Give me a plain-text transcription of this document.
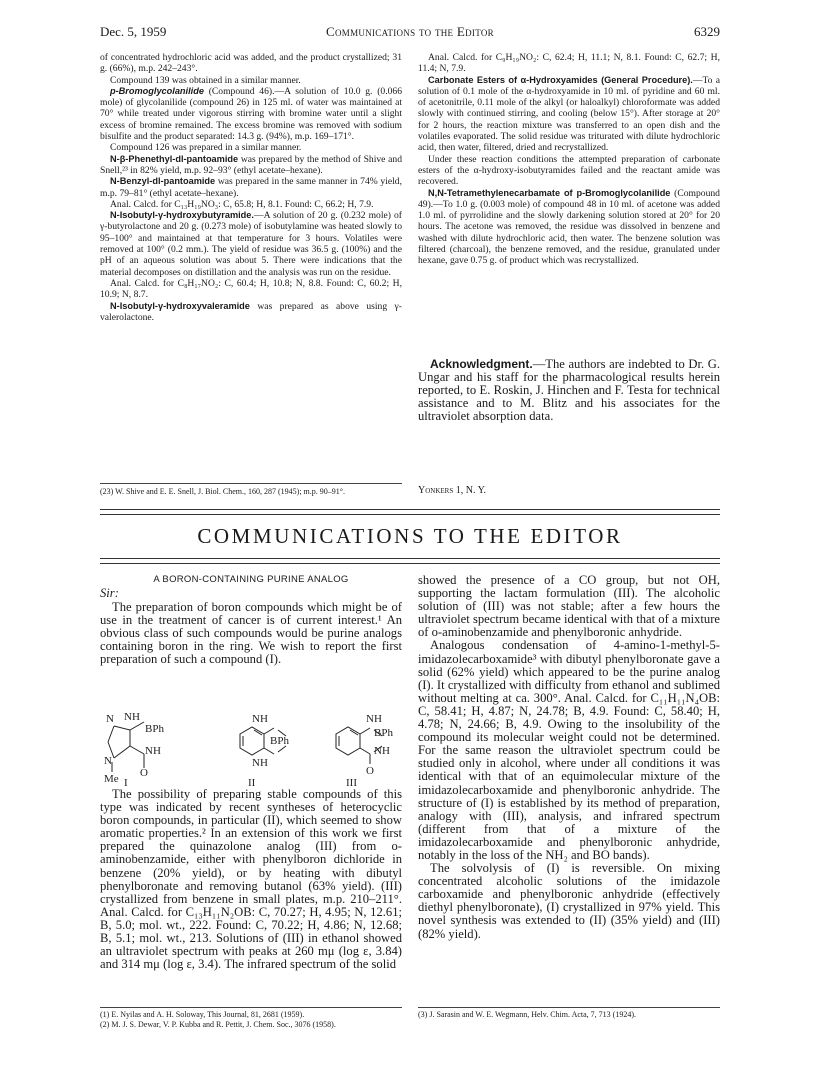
Dec. 5, 1959	Communications to the Editor	6329

of concentrated hydrochloric acid was added, and the product crystallized; 31 g. (66%), m.p. 242–243°.

Compound 139 was obtained in a similar manner.

p-Bromoglycolanilide (Compound 46).—A solution of 10.0 g. (0.066 mole) of glycolanilide (compound 26) in 125 ml. of water was maintained at 70° while treated under vigorous stirring with bromine water until a slight excess of bromine remained. The excess bromine was removed with sodium bisulfite and the product separated: 14.3 g. (94%), m.p. 169–171°.

Compound 126 was prepared in a similar manner.

N-β-Phenethyl-dl-pantoamide was prepared by the method of Shive and Snell,²³ in 82% yield, m.p. 92–93° (ethyl acetate–hexane).

N-Benzyl-dl-pantoamide was prepared in the same manner in 74% yield, m.p. 79–81° (ethyl acetate–hexane).

Anal. Calcd. for C₁₃H₁₉NO₃: C, 65.8; H, 8.1. Found: C, 66.2; H, 7.9.

N-Isobutyl-γ-hydroxybutyramide.—A solution of 20 g. (0.232 mole) of γ-butyrolactone and 20 g. (0.273 mole) of isobutylamine was heated slowly to 95–100° and maintained at that temperature for 3 hours. Volatiles were removed at 100° (0.2 mm.). The yield of residue was 36.5 g. (100%) and the pH of an aqueous solution was about 5. There were indications that the material decomposes on distillation and the analysis was run on the residue.

Anal. Calcd. for C₈H₁₇NO₂: C, 60.4; H, 10.8; N, 8.8. Found: C, 60.2; H, 10.9; N, 8.7.

N-Isobutyl-γ-hydroxyvaleramide was prepared as above using γ-valerolactone.

(23) W. Shive and E. E. Snell, J. Biol. Chem., 160, 287 (1945); m.p. 90–91°.

Anal. Calcd. for C₉H₁₉NO₂: C, 62.4; H, 11.1; N, 8.1. Found: C, 62.7; H, 11.4; N, 7.9.

Carbonate Esters of α-Hydroxyamides (General Procedure).—To a solution of 0.1 mole of the α-hydroxyamide in 10 ml. of pyridine and 60 ml. of acetonitrile, 0.11 mole of the alkyl (or haloalkyl) chloroformate was added slowly with continued stirring, and cooling (below 15°). After storage at 20° for 2 hours, the reaction mixture was transferred to an open dish and the volatiles evaporated. The solid residue was triturated with dilute hydrochloric acid, then water, filtered, dried and recrystallized.

Under these reaction conditions the attempted preparation of carbonate esters of the α-hydroxy-isobutyramides failed and the reactant amide was recovered.

N,N-Tetramethylenecarbamate of p-Bromoglycolanilide (Compound 49).—To 1.0 g. (0.003 mole) of compound 48 in 10 ml. of acetone was added 1.0 ml. of pyrrolidine and the slowly darkening solution stored at 20° for 20 hours. The acetone was removed, the residue was dissolved in benzene and washed with dilute hydrochloric acid, then water. The benzene solution was filtered (charcoal), the benzene removed, and the residue, granulated under hexane, gave 0.75 g. of product which was recrystallized.

Acknowledgment.—The authors are indebted to Dr. G. Ungar and his staff for the pharmacological results herein reported, to E. Roskin, J. Hinchen and F. Testa for technical assistance and to M. Blitz and his associates for the ultraviolet absorption data.

Yonkers 1, N. Y.
COMMUNICATIONS TO THE EDITOR
A BORON-CONTAINING PURINE ANALOG
Sir:

The preparation of boron compounds which might be of use in the treatment of cancer is of current interest.¹ An obvious class of such compounds would be purine analogs containing boron in the ring. We wish to report the first preparation of such a compound (I).

N NH
BPh
NH
N
O
Me I
NH
BPh
NH
II
NH
BPh
NH
O
III

The possibility of preparing stable compounds of this type was indicated by recent syntheses of heterocyclic boron compounds, in particular (II), which seemed to show aromatic properties.² In an extension of this work we first prepared the quinazolone analog (III) from o-aminobenzamide, either with phenylboron dichloride in benzene (20% yield), or by heating with dibutyl phenylboronate and removing butanol (63% yield). (III) crystallized from benzene in small plates, m.p. 210–211°. Anal. Calcd. for C₁₃H₁₁N₂OB: C, 70.27; H, 4.95; N, 12.61; B, 5.0; mol. wt., 222. Found: C, 70.22; H, 4.86; N, 12.68; B, 5.1; mol. wt., 213. Solutions of (III) in ethanol showed an ultraviolet spectrum with peaks at 260 mμ (log ε, 3.84) and 314 mμ (log ε, 3.4). The infrared spectrum of the solid

(1) E. Nyilas and A. H. Soloway, This Journal, 81, 2681 (1959).

(2) M. J. S. Dewar, V. P. Kubba and R. Pettit, J. Chem. Soc., 3076 (1958).

showed the presence of a CO group, but not OH, supporting the lactam formulation (III). The alcoholic solution of (III) was not stable; after a few hours the ultraviolet spectrum became identical with that of a mixture of o-aminobenzamide and phenylboronic anhydride.

Analogous condensation of 4-amino-1-methyl-5-imidazolecarboxamide³ with dibutyl phenylboronate gave a solid (62% yield) which appeared to be the purine analog (I). It crystallized with difficulty from ethanol and sublimed without melting at ca. 300°. Anal. Calcd. for C₁₁H₁₁N₄OB: C, 58.41; H, 4.87; N, 24.78; B, 4.9. Found: C, 58.40; H, 4.78; N, 24.66; B, 4.9. Owing to the insolubility of the compound its molecular weight could not be determined. For the same reason the ultraviolet spectrum could be studied only in alcohol, where under all conditions it was identical with that of an equimolecular mixture of the imidazolecarboxamide and phenylboronic anhydride. The structure of (I) is established by its method of preparation, analogy with (III), analysis, and infrared spectrum (different from that of a mixture of the imidazolecarboxamide and phenylboronic anhydride, notably in the loss of the NH₂ and BO bands).

The solvolysis of (I) is reversible. On mixing concentrated alcoholic solutions of the imidazole carboxamide and phenylboronic anhydride (effectively diethyl phenylboronate), (I) crystallized in 97% yield. This novel synthesis was extended to (II) (35% yield) and (III) (82% yield).

(3) J. Sarasin and W. E. Wegmann, Helv. Chim. Acta, 7, 713 (1924).
